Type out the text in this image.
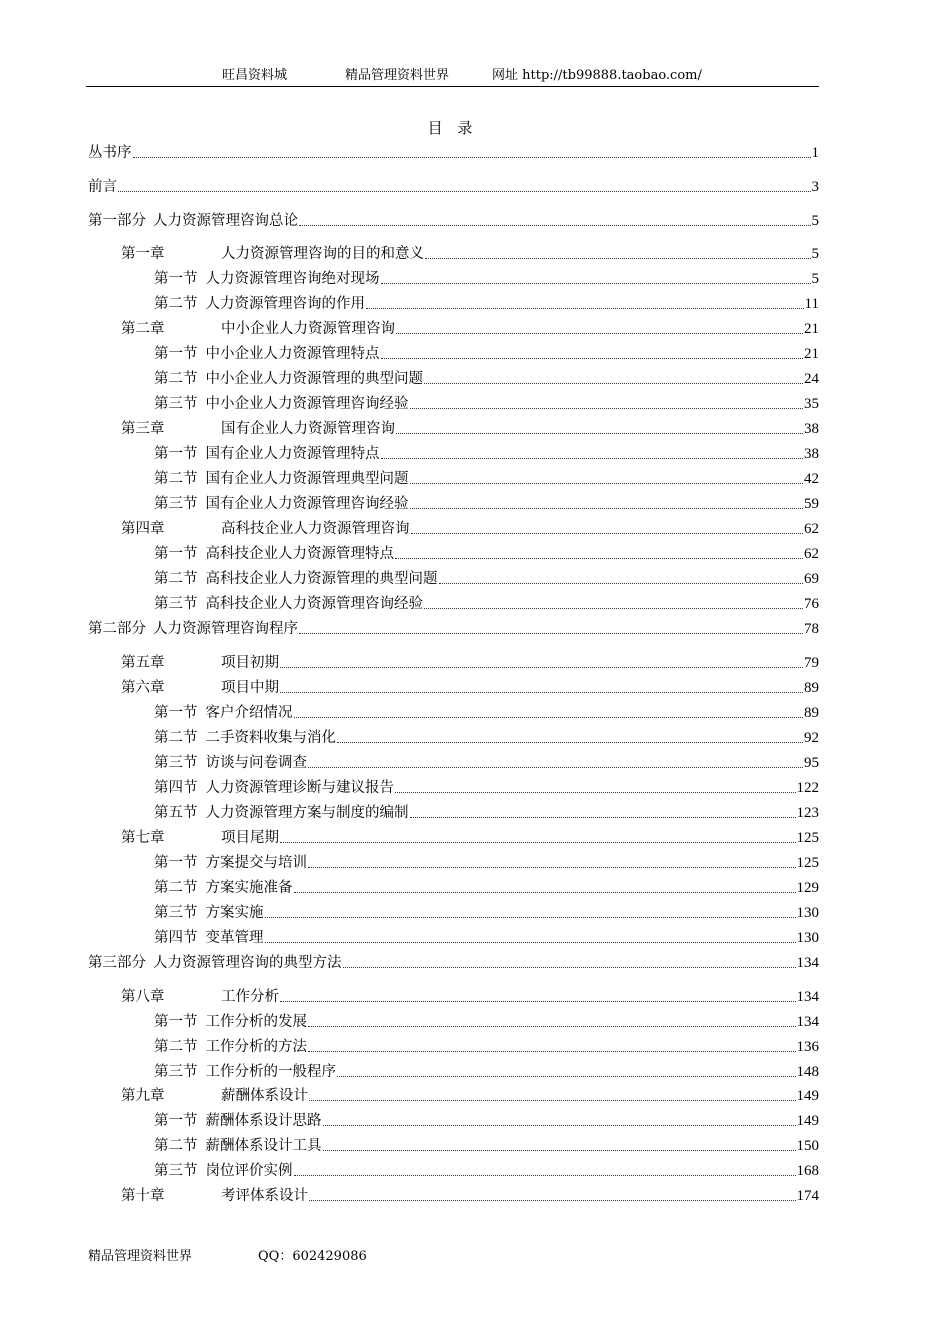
旺昌资料城	精品管理资料世界	网址 http://tb99888.taobao.com/
目 录
丛书序	1
前言	3
第一部分 人力资源管理咨询总论	5
第一章	人力资源管理咨询的目的和意义	5
第一节 人力资源管理咨询绝对现场	5
第二节 人力资源管理咨询的作用	11
第二章	中小企业人力资源管理咨询	21
第一节 中小企业人力资源管理特点	21
第二节 中小企业人力资源管理的典型问题	24
第三节 中小企业人力资源管理咨询经验	35
第三章	国有企业人力资源管理咨询	38
第一节 国有企业人力资源管理特点	38
第二节 国有企业人力资源管理典型问题	42
第三节 国有企业人力资源管理咨询经验	59
第四章	高科技企业人力资源管理咨询	62
第一节 高科技企业人力资源管理特点	62
第二节 高科技企业人力资源管理的典型问题	69
第三节 高科技企业人力资源管理咨询经验	76
第二部分 人力资源管理咨询程序	78
第五章	项目初期	79
第六章	项目中期	89
第一节 客户介绍情况	89
第二节 二手资料收集与消化	92
第三节 访谈与问卷调查	95
第四节 人力资源管理诊断与建议报告	122
第五节 人力资源管理方案与制度的编制	123
第七章	项目尾期	125
第一节 方案提交与培训	125
第二节 方案实施准备	129
第三节 方案实施	130
第四节 变革管理	130
第三部分 人力资源管理咨询的典型方法	134
第八章	工作分析	134
第一节 工作分析的发展	134
第二节 工作分析的方法	136
第三节 工作分析的一般程序	148
第九章	薪酬体系设计	149
第一节 薪酬体系设计思路	149
第二节 薪酬体系设计工具	150
第三节 岗位评价实例	168
第十章	考评体系设计	174
精品管理资料世界	QQ：602429086
